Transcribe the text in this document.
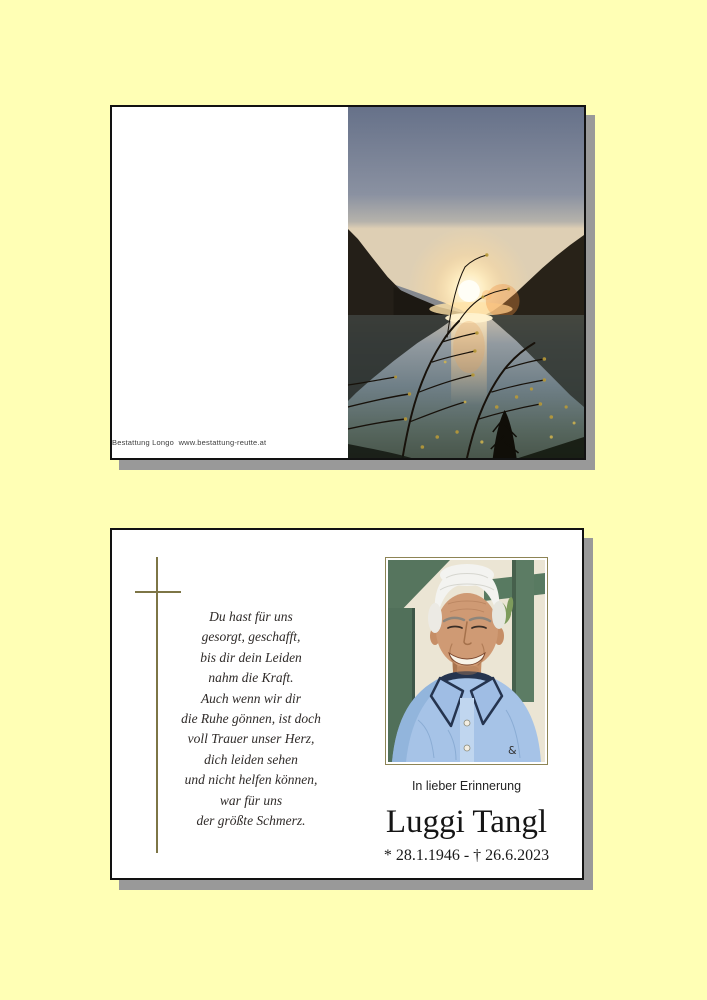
Bestattung Longo  www.bestattung-reutte.at
Du hast für uns
gesorgt, geschafft,
bis dir dein Leiden
nahm die Kraft.
Auch wenn wir dir
die Ruhe gönnen, ist doch
voll Trauer unser Herz,
dich leiden sehen
und nicht helfen können,
war für uns
der größte Schmerz.
&
In lieber Erinnerung
Luggi Tangl
* 28.1.1946 - † 26.6.2023
